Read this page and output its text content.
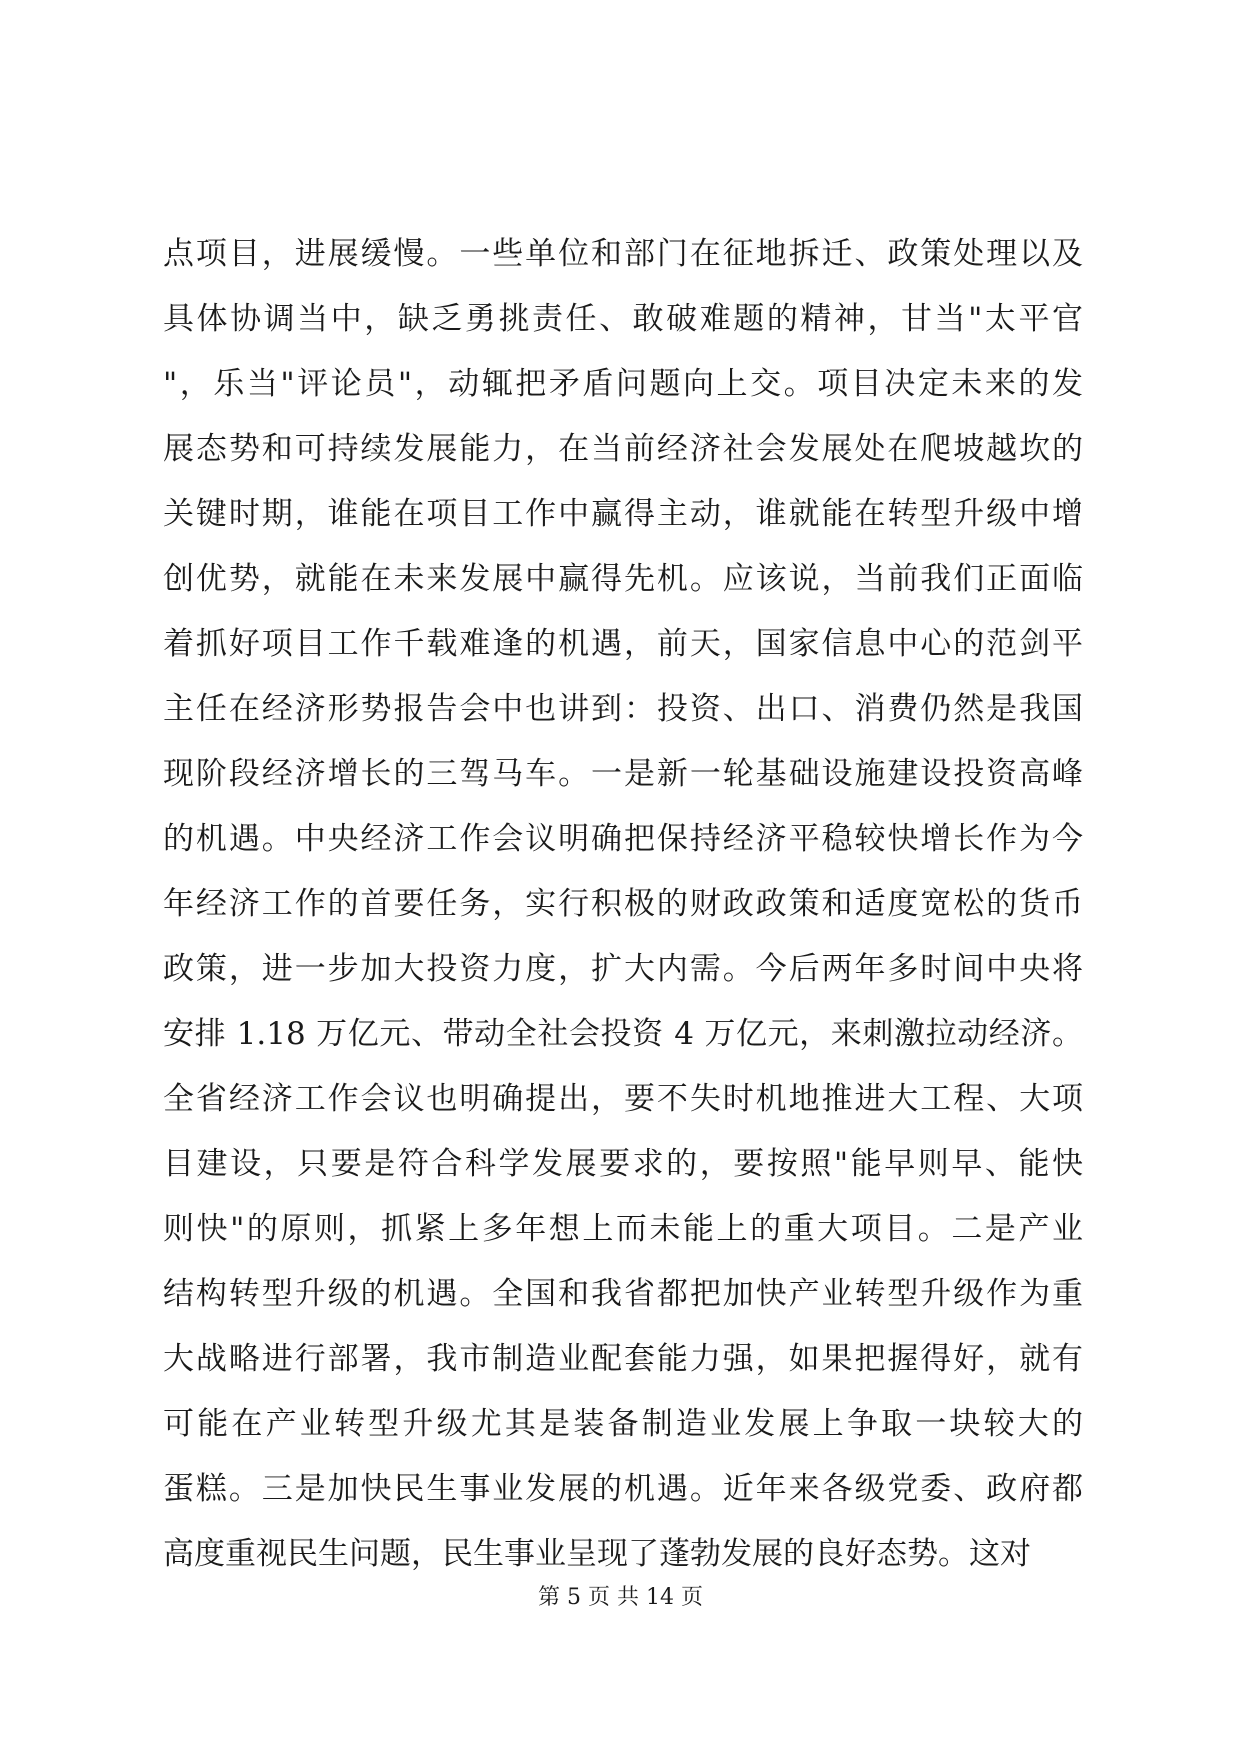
点项目，进展缓慢。一些单位和部门在征地拆迁、政策处理以及
具体协调当中，缺乏勇挑责任、敢破难题的精神，甘当"太平官
"，乐当"评论员"，动辄把矛盾问题向上交。项目决定未来的发
展态势和可持续发展能力，在当前经济社会发展处在爬坡越坎的
关键时期，谁能在项目工作中赢得主动，谁就能在转型升级中增
创优势，就能在未来发展中赢得先机。应该说，当前我们正面临
着抓好项目工作千载难逢的机遇，前天，国家信息中心的范剑平
主任在经济形势报告会中也讲到：投资、出口、消费仍然是我国
现阶段经济增长的三驾马车。一是新一轮基础设施建设投资高峰
的机遇。中央经济工作会议明确把保持经济平稳较快增长作为今
年经济工作的首要任务，实行积极的财政政策和适度宽松的货币
政策，进一步加大投资力度，扩大内需。今后两年多时间中央将
安排 1.18 万亿元、带动全社会投资 4 万亿元，来刺激拉动经济。
全省经济工作会议也明确提出，要不失时机地推进大工程、大项
目建设，只要是符合科学发展要求的，要按照"能早则早、能快
则快"的原则，抓紧上多年想上而未能上的重大项目。二是产业
结构转型升级的机遇。全国和我省都把加快产业转型升级作为重
大战略进行部署，我市制造业配套能力强，如果把握得好，就有
可能在产业转型升级尤其是装备制造业发展上争取一块较大的
蛋糕。三是加快民生事业发展的机遇。近年来各级党委、政府都
高度重视民生问题，民生事业呈现了蓬勃发展的良好态势。这对
第 5 页 共 14 页
